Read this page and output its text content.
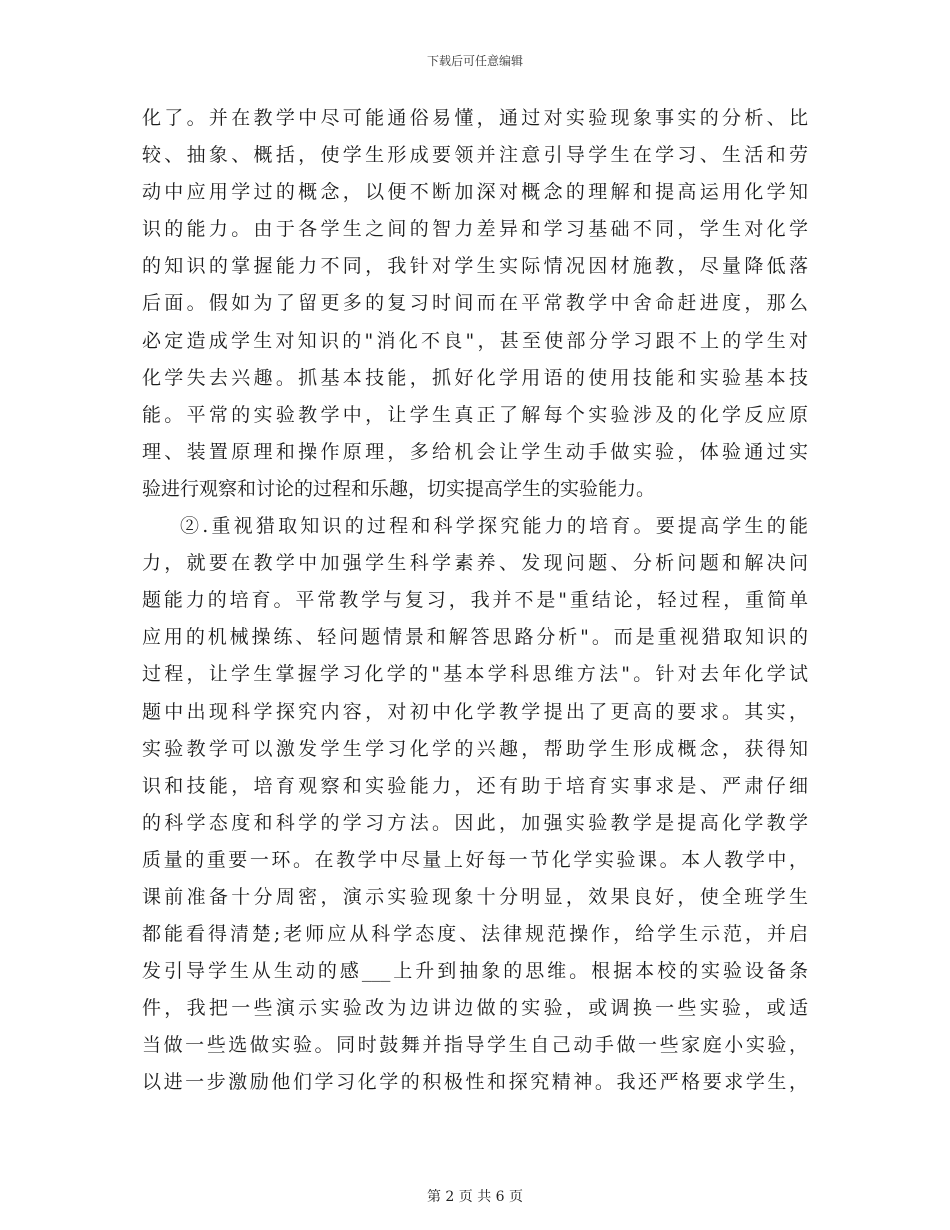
下载后可任意编辑

化了。并在教学中尽可能通俗易懂，通过对实验现象事实的分析、比

较、抽象、概括，使学生形成要领并注意引导学生在学习、生活和劳

动中应用学过的概念，以便不断加深对概念的理解和提高运用化学知

识的能力。由于各学生之间的智力差异和学习基础不同，学生对化学

的知识的掌握能力不同，我针对学生实际情况因材施教，尽量降低落

后面。假如为了留更多的复习时间而在平常教学中舍命赶进度，那么

必定造成学生对知识的"消化不良"，甚至使部分学习跟不上的学生对

化学失去兴趣。抓基本技能，抓好化学用语的使用技能和实验基本技

能。平常的实验教学中，让学生真正了解每个实验涉及的化学反应原

理、装置原理和操作原理，多给机会让学生动手做实验，体验通过实

验进行观察和讨论的过程和乐趣，切实提高学生的实验能力。

②.重视猎取知识的过程和科学探究能力的培育。要提高学生的能

力，就要在教学中加强学生科学素养、发现问题、分析问题和解决问

题能力的培育。平常教学与复习，我并不是"重结论，轻过程，重简单

应用的机械操练、轻问题情景和解答思路分析"。而是重视猎取知识的

过程，让学生掌握学习化学的"基本学科思维方法"。针对去年化学试

题中出现科学探究内容，对初中化学教学提出了更高的要求。其实，

实验教学可以激发学生学习化学的兴趣，帮助学生形成概念，获得知

识和技能，培育观察和实验能力，还有助于培育实事求是、严肃仔细

的科学态度和科学的学习方法。因此，加强实验教学是提高化学教学

质量的重要一环。在教学中尽量上好每一节化学实验课。本人教学中，

课前准备十分周密，演示实验现象十分明显，效果良好，使全班学生

都能看得清楚;老师应从科学态度、法律规范操作，给学生示范，并启

发引导学生从生动的感___上升到抽象的思维。根据本校的实验设备条

件，我把一些演示实验改为边讲边做的实验，或调换一些实验，或适

当做一些选做实验。同时鼓舞并指导学生自己动手做一些家庭小实验，

以进一步激励他们学习化学的积极性和探究精神。我还严格要求学生，

第 2 页 共 6 页
